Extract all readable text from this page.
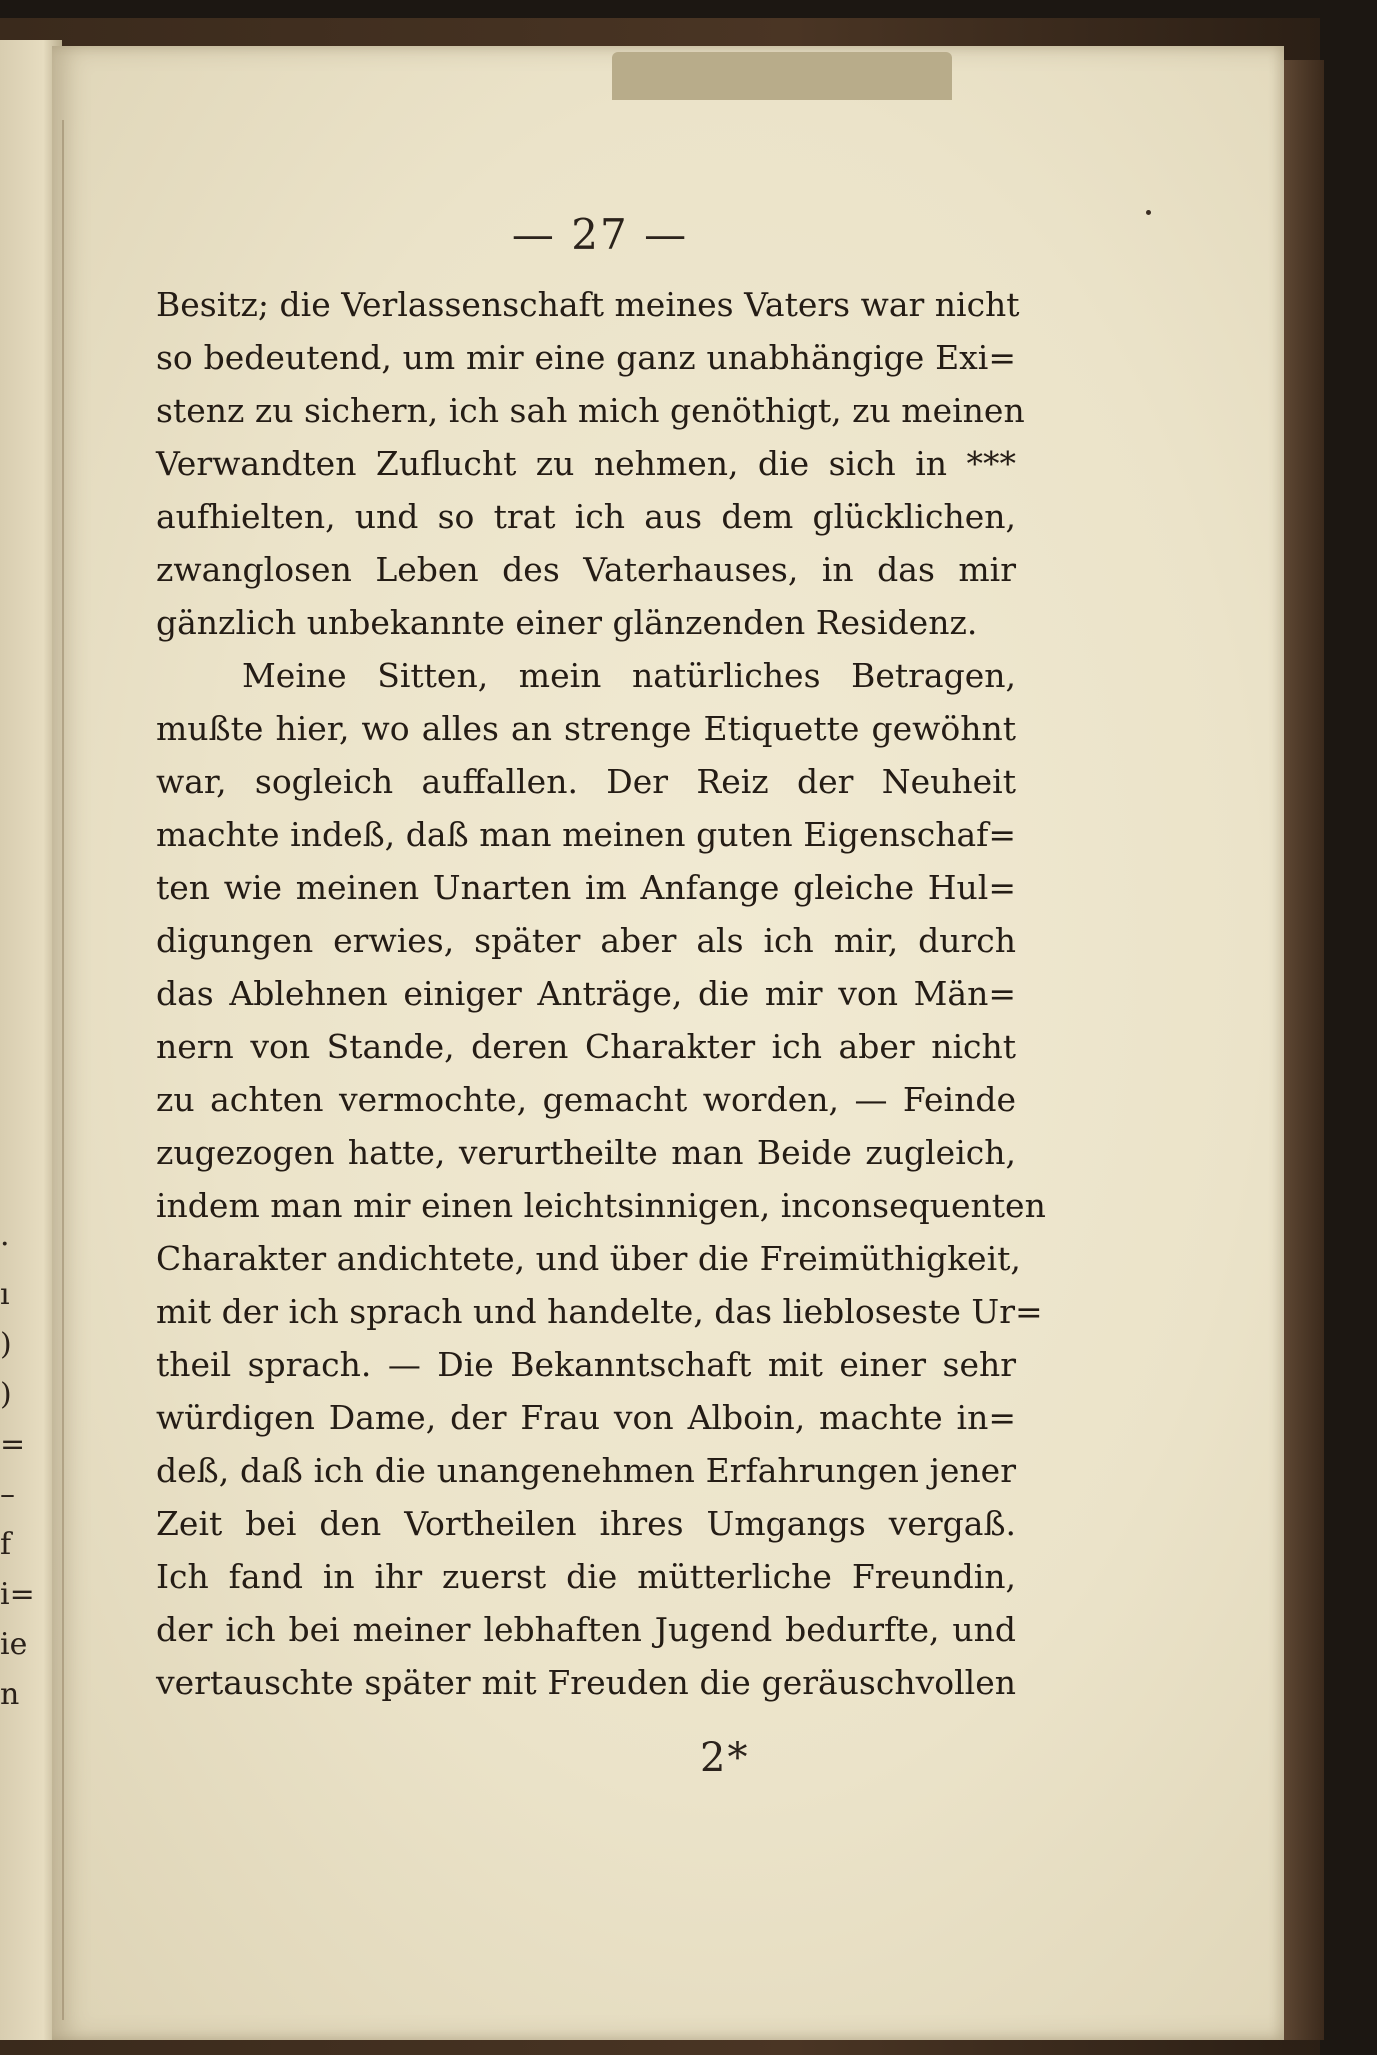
·
ı
)
)
=
–
f
i=
ie
n
— 27 —
Besitz; die Verlassenschaft meines Vaters war nicht
so bedeutend, um mir eine ganz unabhängige Exi=
stenz zu sichern, ich sah mich genöthigt, zu meinen
Verwandten Zuflucht zu nehmen, die sich in ***
aufhielten, und so trat ich aus dem glücklichen,
zwanglosen Leben des Vaterhauses, in das mir
gänzlich unbekannte einer glänzenden Residenz.
Meine Sitten, mein natürliches Betragen,
mußte hier, wo alles an strenge Etiquette gewöhnt
war, sogleich auffallen. Der Reiz der Neuheit
machte indeß, daß man meinen guten Eigenschaf=
ten wie meinen Unarten im Anfange gleiche Hul=
digungen erwies, später aber als ich mir, durch
das Ablehnen einiger Anträge, die mir von Män=
nern von Stande, deren Charakter ich aber nicht
zu achten vermochte, gemacht worden, — Feinde
zugezogen hatte, verurtheilte man Beide zugleich,
indem man mir einen leichtsinnigen, inconsequenten
Charakter andichtete, und über die Freimüthigkeit,
mit der ich sprach und handelte, das liebloseste Ur=
theil sprach. — Die Bekanntschaft mit einer sehr
würdigen Dame, der Frau von Alboin, machte in=
deß, daß ich die unangenehmen Erfahrungen jener
Zeit bei den Vortheilen ihres Umgangs vergaß.
Ich fand in ihr zuerst die mütterliche Freundin,
der ich bei meiner lebhaften Jugend bedurfte, und
vertauschte später mit Freuden die geräuschvollen
2*
